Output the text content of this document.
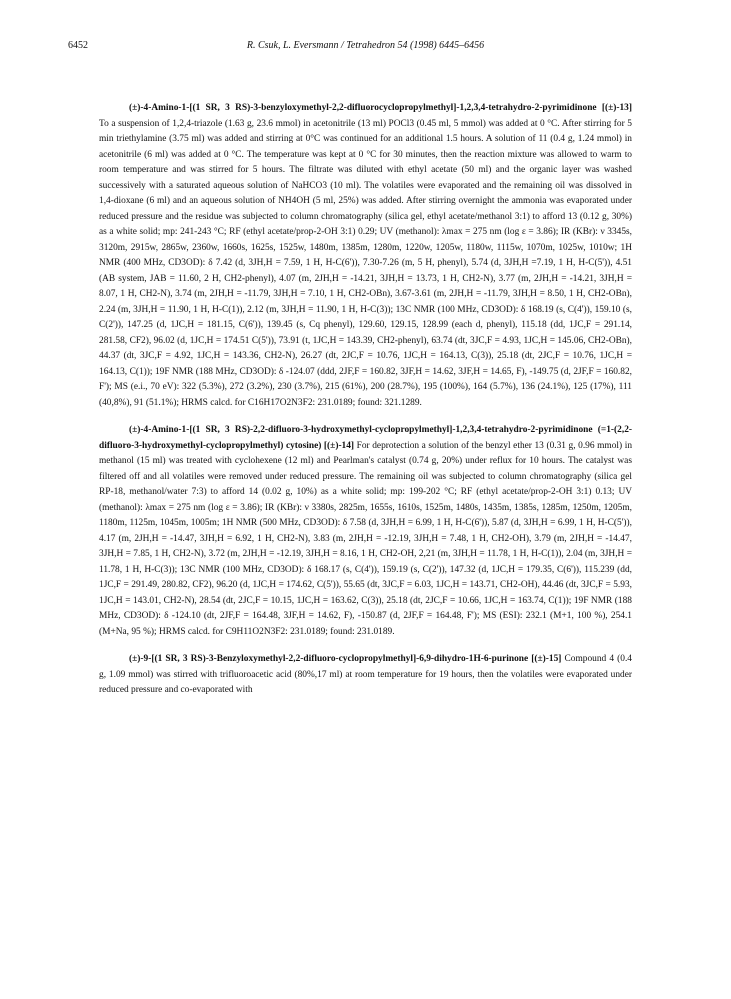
6452	R. Csuk, L. Eversmann / Tetrahedron 54 (1998) 6445–6456

(±)-4-Amino-1-[(1 SR, 3 RS)-3-benzyloxymethyl-2,2-difluorocyclopropylmethyl]-1,2,3,4-tetrahydro-2-pyrimidinone [(±)-13] To a suspension of 1,2,4-triazole (1.63 g, 23.6 mmol) in acetonitrile (13 ml) POCl3 (0.45 ml, 5 mmol) was added at 0 °C. After stirring for 5 min triethylamine (3.75 ml) was added and stirring at 0°C was continued for an additional 1.5 hours. A solution of 11 (0.4 g, 1.24 mmol) in acetonitrile (6 ml) was added at 0 °C. The temperature was kept at 0 °C for 30 minutes, then the reaction mixture was allowed to warm to room temperature and was stirred for 5 hours. The filtrate was diluted with ethyl acetate (50 ml) and the organic layer was washed successively with a saturated aqueous solution of NaHCO3 (10 ml). The volatiles were evaporated and the remaining oil was dissolved in 1,4-dioxane (6 ml) and an aqueous solution of NH4OH (5 ml, 25%) was added. After stirring overnight the ammonia was evaporated under reduced pressure and the residue was subjected to column chromatography (silica gel, ethyl acetate/methanol 3:1) to afford 13 (0.12 g, 30%) as a white solid; mp: 241-243 °C; RF (ethyl acetate/prop-2-OH 3:1) 0.29; UV (methanol): λmax = 275 nm (log ε = 3.86); IR (KBr): ν 3345s, 3120m, 2915w, 2865w, 2360w, 1660s, 1625s, 1525w, 1480m, 1385m, 1280m, 1220w, 1205w, 1180w, 1115w, 1070m, 1025w, 1010w; 1H NMR (400 MHz, CD3OD): δ 7.42 (d, 3JH,H = 7.59, 1 H, H-C(6')), 7.30-7.26 (m, 5 H, phenyl), 5.74 (d, 3JH,H =7.19, 1 H, H-C(5')), 4.51 (AB system, JAB = 11.60, 2 H, CH2-phenyl), 4.07 (m, 2JH,H = -14.21, 3JH,H = 13.73, 1 H, CH2-N), 3.77 (m, 2JH,H = -14.21, 3JH,H = 8.07, 1 H, CH2-N), 3.74 (m, 2JH,H = -11.79, 3JH,H = 7.10, 1 H, CH2-OBn), 3.67-3.61 (m, 2JH,H = -11.79, 3JH,H = 8.50, 1 H, CH2-OBn), 2.24 (m, 3JH,H = 11.90, 1 H, H-C(1)), 2.12 (m, 3JH,H = 11.90, 1 H, H-C(3)); 13C NMR (100 MHz, CD3OD): δ 168.19 (s, C(4')), 159.10 (s, C(2')), 147.25 (d, 1JC,H = 181.15, C(6')), 139.45 (s, Cq phenyl), 129.60, 129.15, 128.99 (each d, phenyl), 115.18 (dd, 1JC,F = 291.14, 281.58, CF2), 96.02 (d, 1JC,H = 174.51 C(5')), 73.91 (t, 1JC,H = 143.39, CH2-phenyl), 63.74 (dt, 3JC,F = 4.93, 1JC,H = 145.06, CH2-OBn), 44.37 (dt, 3JC,F = 4.92, 1JC,H = 143.36, CH2-N), 26.27 (dt, 2JC,F = 10.76, 1JC,H = 164.13, C(3)), 25.18 (dt, 2JC,F = 10.76, 1JC,H = 164.13, C(1)); 19F NMR (188 MHz, CD3OD): δ -124.07 (ddd, 2JF,F = 160.82, 3JF,H = 14.62, 3JF,H = 14.65, F), -149.75 (d, 2JF,F = 160.82, F'); MS (e.i., 70 eV): 322 (5.3%), 272 (3.2%), 230 (3.7%), 215 (61%), 200 (28.7%), 195 (100%), 164 (5.7%), 136 (24.1%), 125 (17%), 111 (40,8%), 91 (51.1%); HRMS calcd. for C16H17O2N3F2: 231.0189; found: 321.1289.

(±)-4-Amino-1-[(1 SR, 3 RS)-2,2-difluoro-3-hydroxymethyl-cyclopropylmethyl]-1,2,3,4-tetrahydro-2-pyrimidinone (=1-(2,2-difluoro-3-hydroxymethyl-cyclopropylmethyl) cytosine) [(±)-14] For deprotection a solution of the benzyl ether 13 (0.31 g, 0.96 mmol) in methanol (15 ml) was treated with cyclohexene (12 ml) and Pearlman's catalyst (0.74 g, 20%) under reflux for 10 hours. The catalyst was filtered off and all volatiles were removed under reduced pressure. The remaining oil was subjected to column chromatography (silica gel RP-18, methanol/water 7:3) to afford 14 (0.02 g, 10%) as a white solid; mp: 199-202 °C; RF (ethyl acetate/prop-2-OH 3:1) 0.13; UV (methanol): λmax = 275 nm (log ε = 3.86); IR (KBr): ν 3380s, 2825m, 1655s, 1610s, 1525m, 1480s, 1435m, 1385s, 1285m, 1250m, 1205m, 1180m, 1125m, 1045m, 1005m; 1H NMR (500 MHz, CD3OD): δ 7.58 (d, 3JH,H = 6.99, 1 H, H-C(6')), 5.87 (d, 3JH,H = 6.99, 1 H, H-C(5')), 4.17 (m, 2JH,H = -14.47, 3JH,H = 6.92, 1 H, CH2-N), 3.83 (m, 2JH,H = -12.19, 3JH,H = 7.48, 1 H, CH2-OH), 3.79 (m, 2JH,H = -14.47, 3JH,H = 7.85, 1 H, CH2-N), 3.72 (m, 2JH,H = -12.19, 3JH,H = 8.16, 1 H, CH2-OH, 2,21 (m, 3JH,H = 11.78, 1 H, H-C(1)), 2.04 (m, 3JH,H = 11.78, 1 H, H-C(3)); 13C NMR (100 MHz, CD3OD): δ 168.17 (s, C(4')), 159.19 (s, C(2')), 147.32 (d, 1JC,H = 179.35, C(6')), 115.239 (dd, 1JC,F = 291.49, 280.82, CF2), 96.20 (d, 1JC,H = 174.62, C(5')), 55.65 (dt, 3JC,F = 6.03, 1JC,H = 143.71, CH2-OH), 44.46 (dt, 3JC,F = 5.93, 1JC,H = 143.01, CH2-N), 28.54 (dt, 2JC,F = 10.15, 1JC,H = 163.62, C(3)), 25.18 (dt, 2JC,F = 10.66, 1JC,H = 163.74, C(1)); 19F NMR (188 MHz, CD3OD): δ -124.10 (dt, 2JF,F = 164.48, 3JF,H = 14.62, F), -150.87 (d, 2JF,F = 164.48, F'); MS (ESI): 232.1 (M+1, 100 %), 254.1 (M+Na, 95 %); HRMS calcd. for C9H11O2N3F2: 231.0189; found: 231.0189.

(±)-9-[(1 SR, 3 RS)-3-Benzyloxymethyl-2,2-difluoro-cyclopropylmethyl]-6,9-dihydro-1H-6-purinone [(±)-15] Compound 4 (0.4 g, 1.09 mmol) was stirred with trifluoroacetic acid (80%,17 ml) at room temperature for 19 hours, then the volatiles were evaporated under reduced pressure and co-evaporated with
